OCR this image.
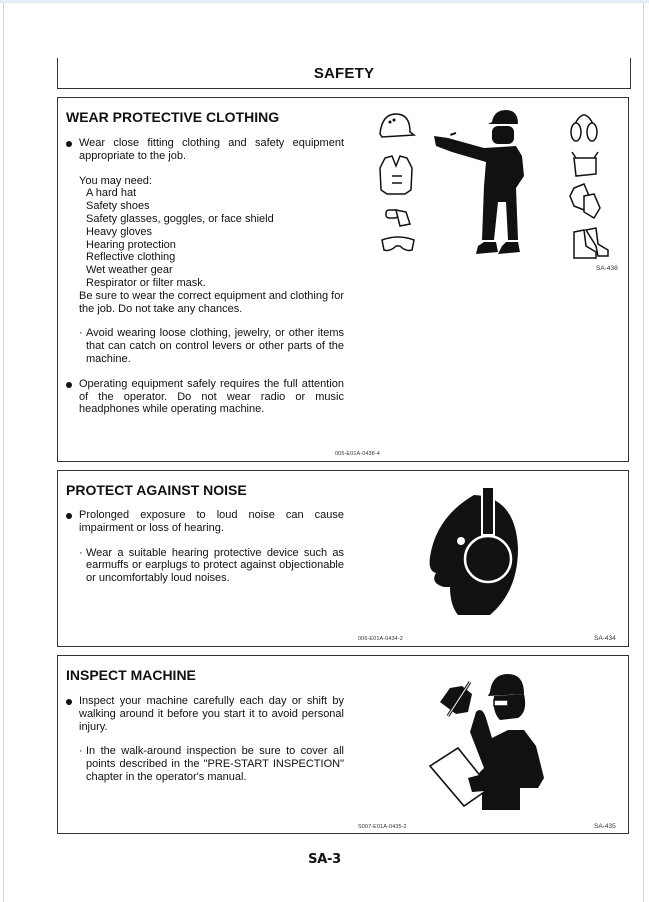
SAFETY
WEAR PROTECTIVE CLOTHING
Wear close fitting clothing and safety equipment appropriate to the job.
You may need:
A hard hat
Safety shoes
Safety glasses, goggles, or face shield
Heavy gloves
Hearing protection
Reflective clothing
Wet weather gear
Respirator or filter mask.
Be sure to wear the correct equipment and clothing for the job. Do not take any chances.
· Avoid wearing loose clothing, jewelry, or other items that can catch on control levers or other parts of the machine.
Operating equipment safely requires the full attention of the operator. Do not wear radio or music headphones while operating machine.
SA-438
005-E01A-0438-4
PROTECT AGAINST NOISE
Prolonged exposure to loud noise can cause impairment or loss of hearing.
· Wear a suitable hearing protective device such as earmuffs or earplugs to protect against objectionable or uncomfortably loud noises.
006-E01A-0434-2	SA-434
INSPECT MACHINE
Inspect your machine carefully each day or shift by walking around it before you start it to avoid personal injury.
· In the walk-around inspection be sure to cover all points described in the "PRE-START INSPECTION" chapter in the operator's manual.
S007-E01A-0435-2	SA-435
SA-3
